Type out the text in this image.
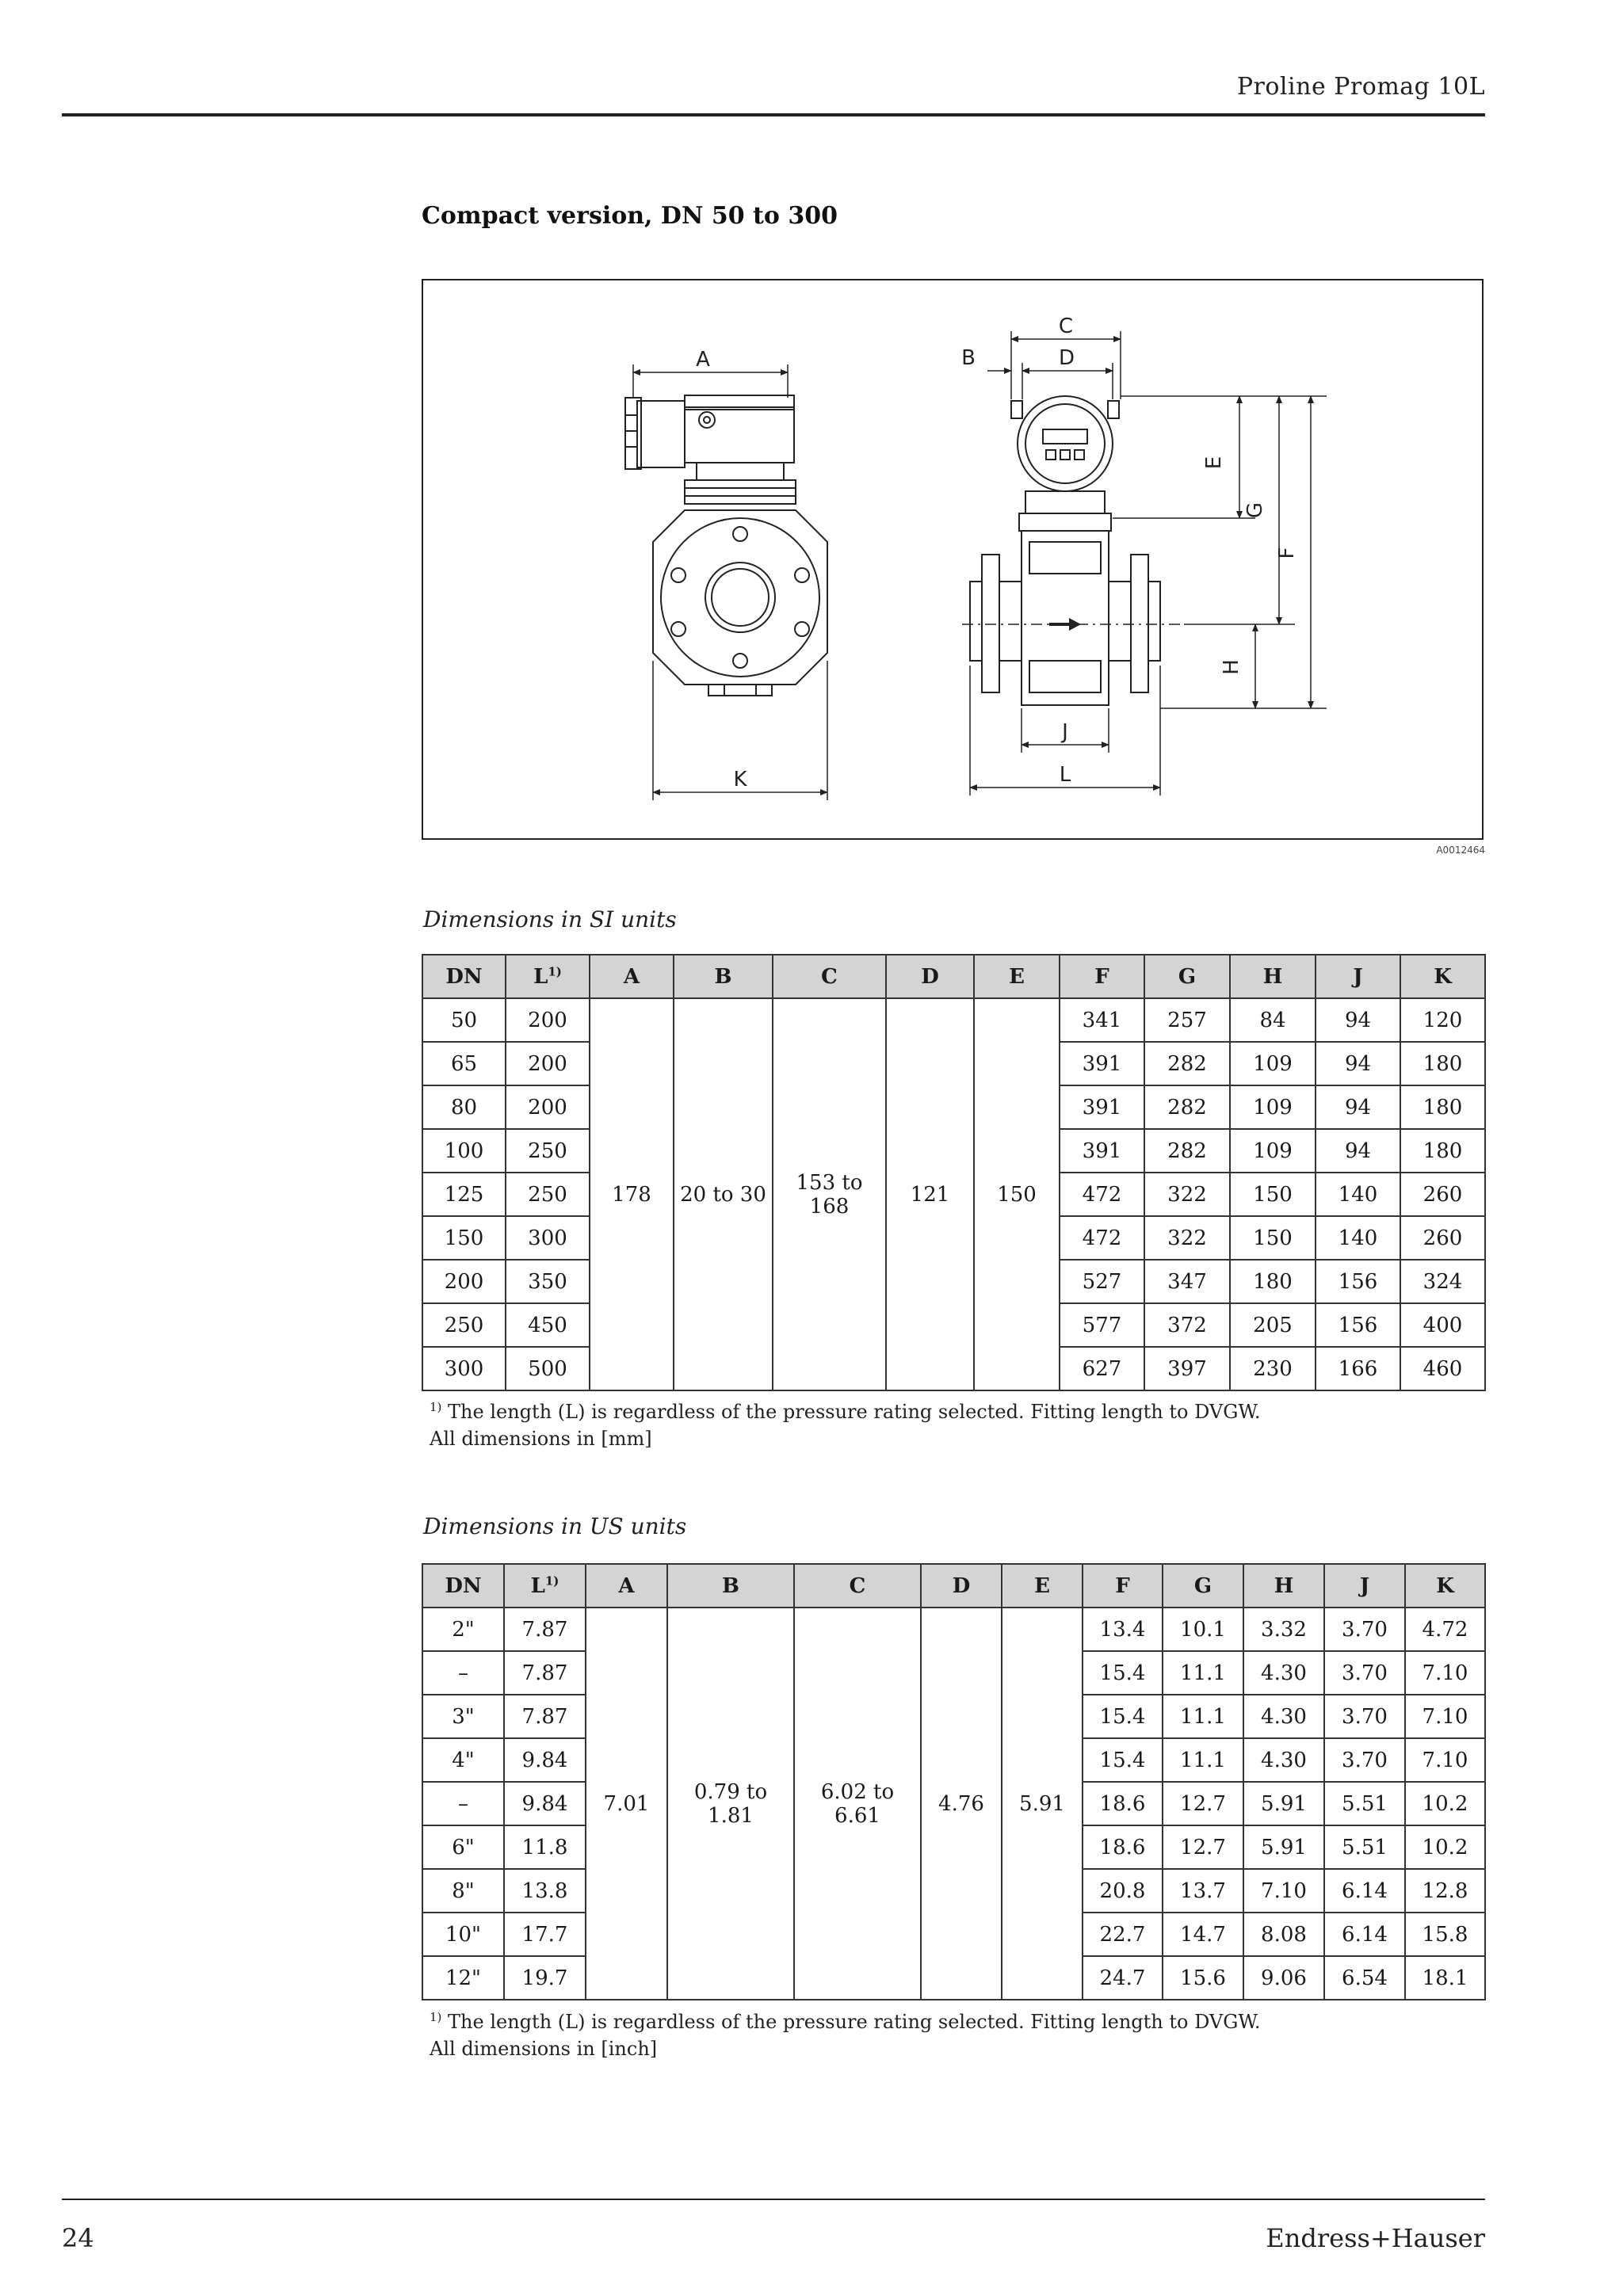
Proline Promag 10L
Compact version, DN 50 to 300
A
C
B	D
E
G
F
H
J
L
K
A0012464
Dimensions in SI units
DN	$L^{1)}$	A	B	C	D	E	F	G	H	J	K
50	200	178	20 to 30	153 to 168	121	150	341	257	84	94	120
65	200						391	282	109	94	180
80	200						391	282	109	94	180
100	250						391	282	109	94	180
125	250						472	322	150	140	260
150	300						472	322	150	140	260
200	350						527	347	180	156	324
250	450						577	372	205	156	400
300	500						627	397	230	166	460
$^{1)}$ The length (L) is regardless of the pressure rating selected. Fitting length to DVGW.
All dimensions in [mm]
Dimensions in US units
DN	$L^{1)}$	A	B	C	D	E	F	G	H	J	K
2"	7.87	7.01	0.79 to 1.81	6.02 to 6.61	4.76	5.91	13.4	10.1	3.32	3.70	4.72
–	7.87						15.4	11.1	4.30	3.70	7.10
3"	7.87						15.4	11.1	4.30	3.70	7.10
4"	9.84						15.4	11.1	4.30	3.70	7.10
–	9.84						18.6	12.7	5.91	5.51	10.2
6"	11.8						18.6	12.7	5.91	5.51	10.2
8"	13.8						20.8	13.7	7.10	6.14	12.8
10"	17.7						22.7	14.7	8.08	6.14	15.8
12"	19.7						24.7	15.6	9.06	6.54	18.1
$^{1)}$ The length (L) is regardless of the pressure rating selected. Fitting length to DVGW.
All dimensions in [inch]
24	Endress+Hauser
